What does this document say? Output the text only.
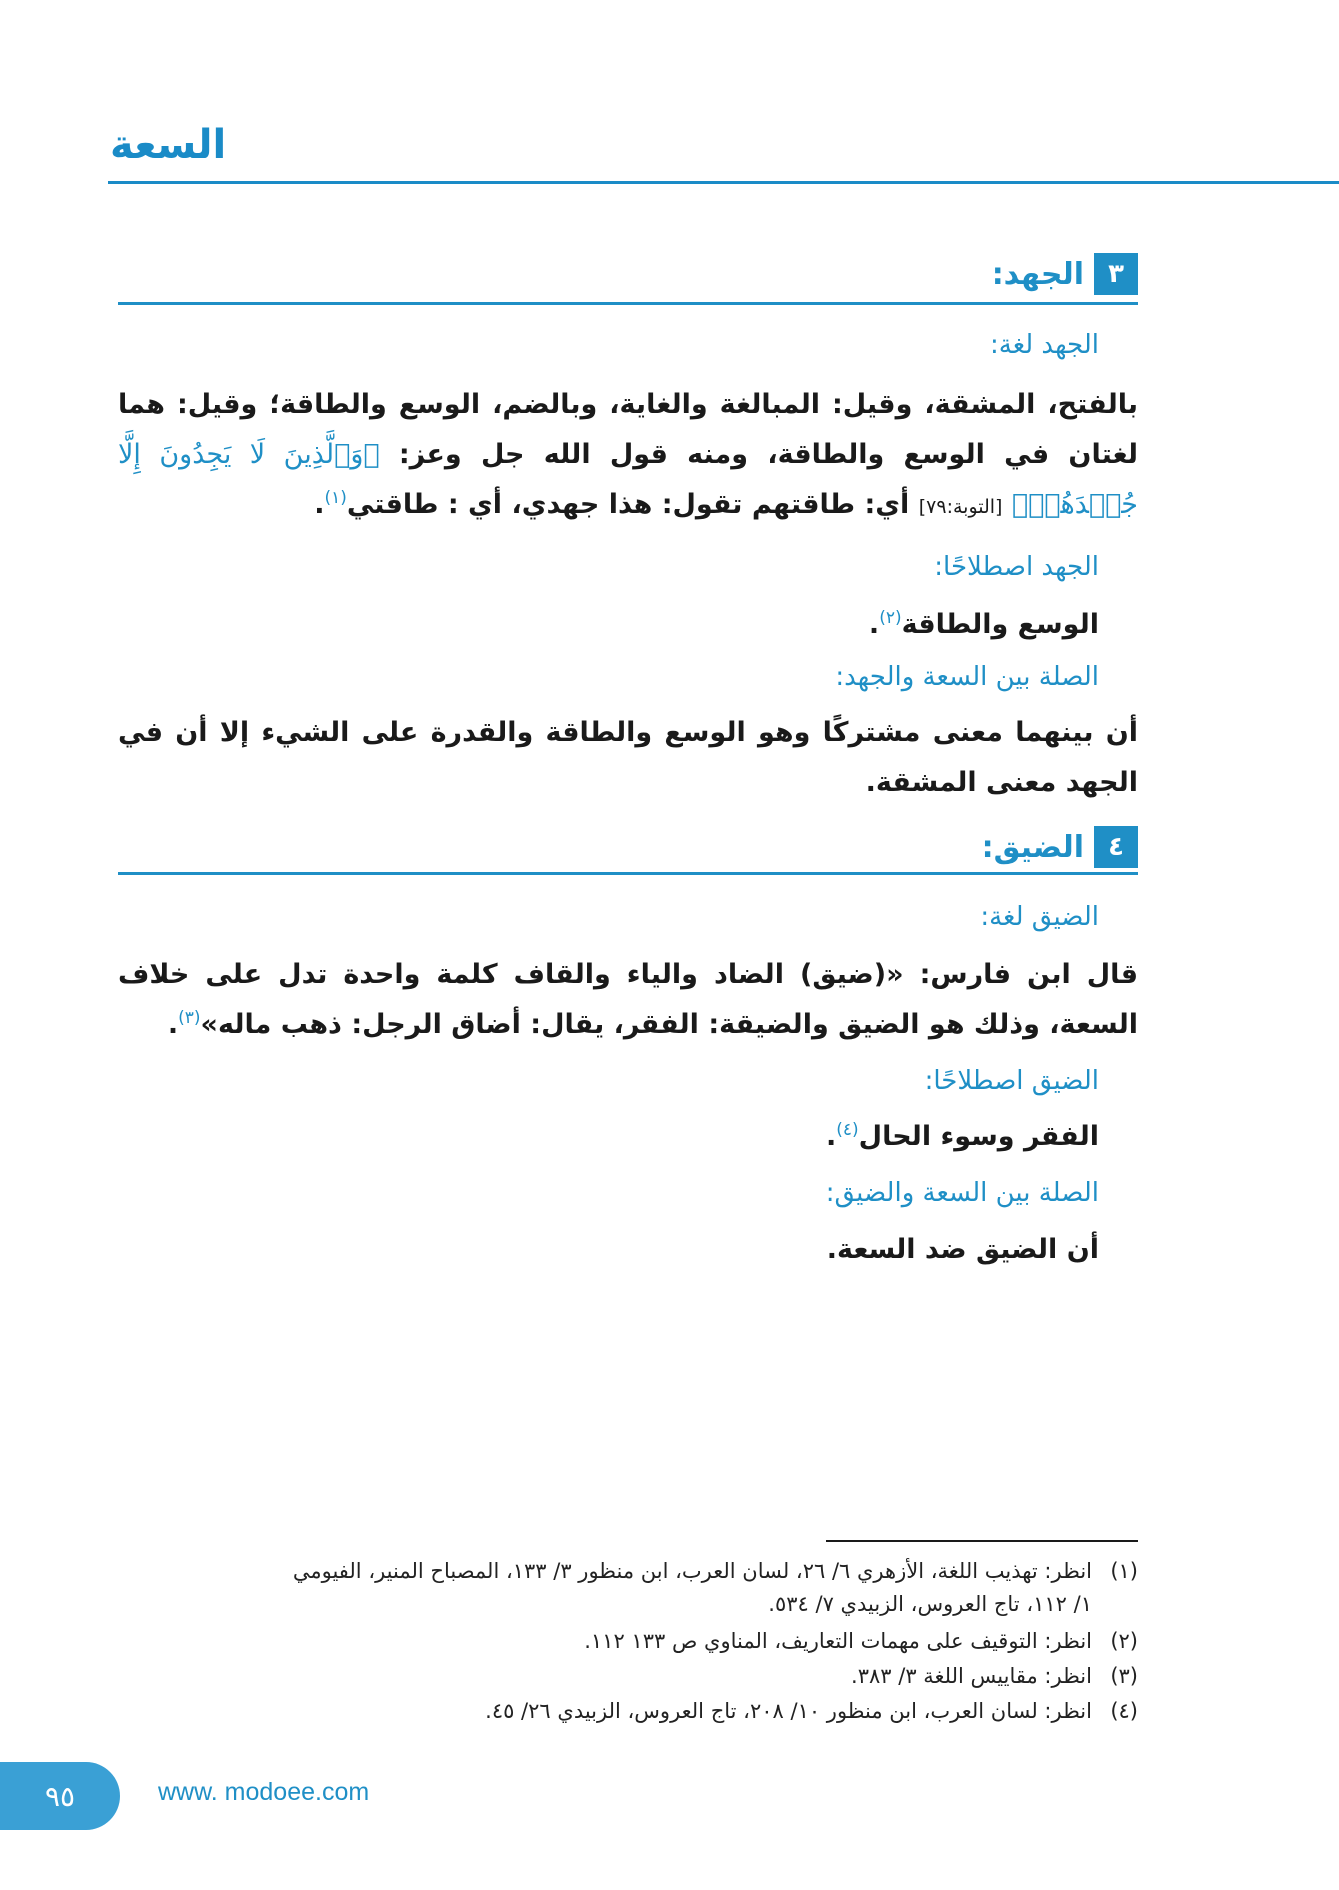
السعة
٣
الجهد:
الجهد لغة:
بالفتح، المشقة، وقيل: المبالغة والغاية، وبالضم، الوسع والطاقة؛ وقيل: هما لغتان في الوسع والطاقة، ومنه قول الله جل وعز: ﴿وَٱلَّذِينَ لَا يَجِدُونَ إِلَّا جُهۡدَهُمۡ﴾ [التوبة:٧٩] أي: طاقتهم تقول: هذا جهدي، أي : طاقتي$^{(١)}$.
الجهد اصطلاحًا:
الوسع والطاقة$^{(٢)}$.
الصلة بين السعة والجهد:
أن بينهما معنى مشتركًا وهو الوسع والطاقة والقدرة على الشيء إلا أن في الجهد معنى المشقة.
٤
الضيق:
الضيق لغة:
قال ابن فارس: «(ضيق) الضاد والياء والقاف كلمة واحدة تدل على خلاف السعة، وذلك هو الضيق والضيقة: الفقر، يقال: أضاق الرجل: ذهب ماله»$^{(٣)}$.
الضيق اصطلاحًا:
الفقر وسوء الحال$^{(٤)}$.
الصلة بين السعة والضيق:
أن الضيق ضد السعة.
(١)انظر: تهذيب اللغة، الأزهري ٦/ ٢٦، لسان العرب، ابن منظور ٣/ ١٣٣، المصباح المنير، الفيومي
١/ ١١٢، تاج العروس، الزبيدي ٧/ ٥٣٤.
(٢)انظر: التوقيف على مهمات التعاريف، المناوي ص ١٣٣ ١١٢.
(٣)انظر: مقاييس اللغة ٣/ ٣٨٣.
(٤)انظر: لسان العرب، ابن منظور ١٠/ ٢٠٨، تاج العروس، الزبيدي ٢٦/ ٤٥.
٩٥	www. modoee.com
